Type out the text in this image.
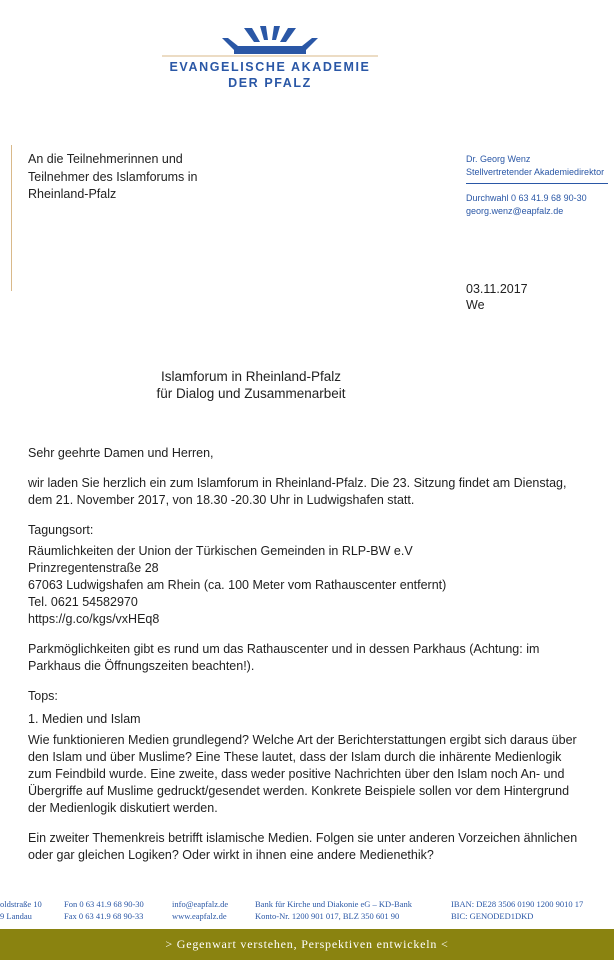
EVANGELISCHE AKADEMIE
DER PFALZ
An die Teilnehmerinnen und
Teilnehmer des Islamforums in
Rheinland-Pfalz
Dr. Georg Wenz
Stellvertretender Akademiedirektor
Durchwahl 0 63 41.9 68 90-30
georg.wenz@eapfalz.de
03.11.2017
We
Islamforum in Rheinland-Pfalz
für Dialog und Zusammenarbeit

Sehr geehrte Damen und Herren,

wir laden Sie herzlich ein zum Islamforum in Rheinland-Pfalz. Die 23. Sitzung findet am Dienstag, dem 21. November 2017, von 18.30 -20.30 Uhr in Ludwigshafen statt.

Tagungsort:

Räumlichkeiten der Union der Türkischen Gemeinden in RLP-BW e.V
Prinzregentenstraße 28
67063 Ludwigshafen am Rhein (ca. 100 Meter vom Rathauscenter entfernt)
Tel. 0621 54582970
https://g.co/kgs/vxHEq8

Parkmöglichkeiten gibt es rund um das Rathauscenter und in dessen Parkhaus (Achtung: im Parkhaus die Öffnungszeiten beachten!).

Tops:

1. Medien und Islam

Wie funktionieren Medien grundlegend? Welche Art der Berichterstattungen ergibt sich daraus über den Islam und über Muslime? Eine These lautet, dass der Islam durch die inhärente Medienlogik zum Feindbild wurde. Eine zweite, dass weder positive Nachrichten über den Islam noch An- und Übergriffe auf Muslime gedruckt/gesendet werden. Konkrete Beispiele sollen vor dem Hintergrund der Medienlogik diskutiert werden.

Ein zweiter Themenkreis betrifft islamische Medien. Folgen sie unter anderen Vorzeichen ähnlichen oder gar gleichen Logiken? Oder wirkt in ihnen eine andere Medienethik?

oldstraße 10
9 Landau
Fon 0 63 41.9 68 90-30
Fax 0 63 41.9 68 90-33
info@eapfalz.de
www.eapfalz.de
Bank für Kirche und Diakonie eG – KD-Bank
Konto-Nr. 1200 901 017, BLZ 350 601 90
IBAN: DE28 3506 0190 1200 9010 17
BIC: GENODED1DKD
> Gegenwart verstehen, Perspektiven entwickeln <
